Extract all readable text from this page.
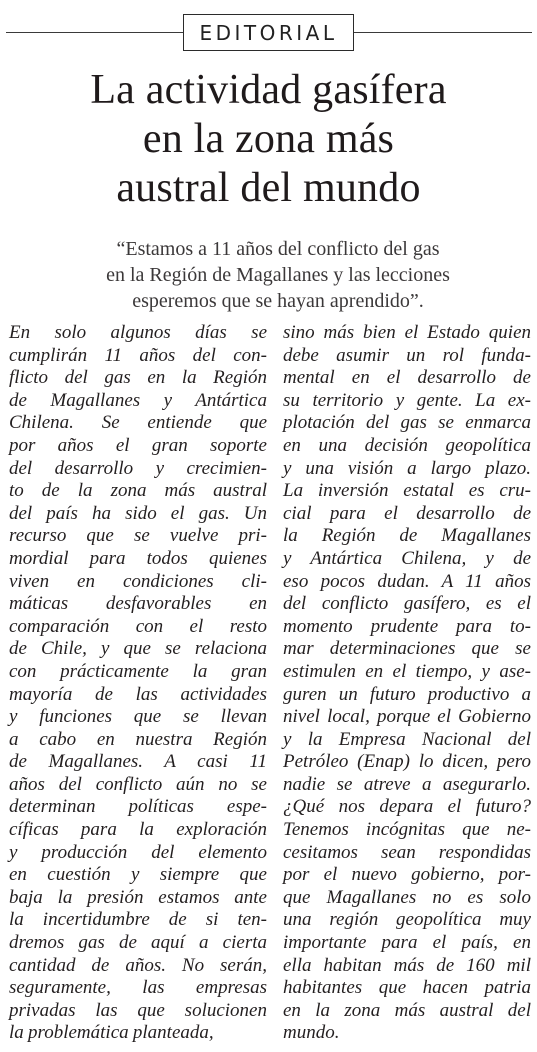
EDITORIAL
La actividad gasífera
en la zona más
austral del mundo

“Estamos a 11 años del conflicto del gas
en la Región de Magallanes y las lecciones
esperemos que se hayan aprendido”.

En solo algunos días se
cumplirán 11 años del con-
flicto del gas en la Región
de Magallanes y Antártica
Chilena. Se entiende que
por años el gran soporte
del desarrollo y crecimien-
to de la zona más austral
del país ha sido el gas. Un
recurso que se vuelve pri-
mordial para todos quienes
viven en condiciones cli-
máticas desfavorables en
comparación con el resto
de Chile, y que se relaciona
con prácticamente la gran
mayoría de las actividades
y funciones que se llevan
a cabo en nuestra Región
de Magallanes. A casi 11
años del conflicto aún no se
determinan políticas espe-
cíficas para la exploración
y producción del elemento
en cuestión y siempre que
baja la presión estamos ante
la incertidumbre de si ten-
dremos gas de aquí a cierta
cantidad de años. No serán,
seguramente, las empresas
privadas las que solucionen
la problemática planteada,
sino más bien el Estado quien
debe asumir un rol funda-
mental en el desarrollo de
su territorio y gente. La ex-
plotación del gas se enmarca
en una decisión geopolítica
y una visión a largo plazo.
La inversión estatal es cru-
cial para el desarrollo de
la Región de Magallanes
y Antártica Chilena, y de
eso pocos dudan. A 11 años
del conflicto gasífero, es el
momento prudente para to-
mar determinaciones que se
estimulen en el tiempo, y ase-
guren un futuro productivo a
nivel local, porque el Gobierno
y la Empresa Nacional del
Petróleo (Enap) lo dicen, pero
nadie se atreve a asegurarlo.
¿Qué nos depara el futuro?
Tenemos incógnitas que ne-
cesitamos sean respondidas
por el nuevo gobierno, por-
que Magallanes no es solo
una región geopolítica muy
importante para el país, en
ella habitan más de 160 mil
habitantes que hacen patria
en la zona más austral del
mundo.
